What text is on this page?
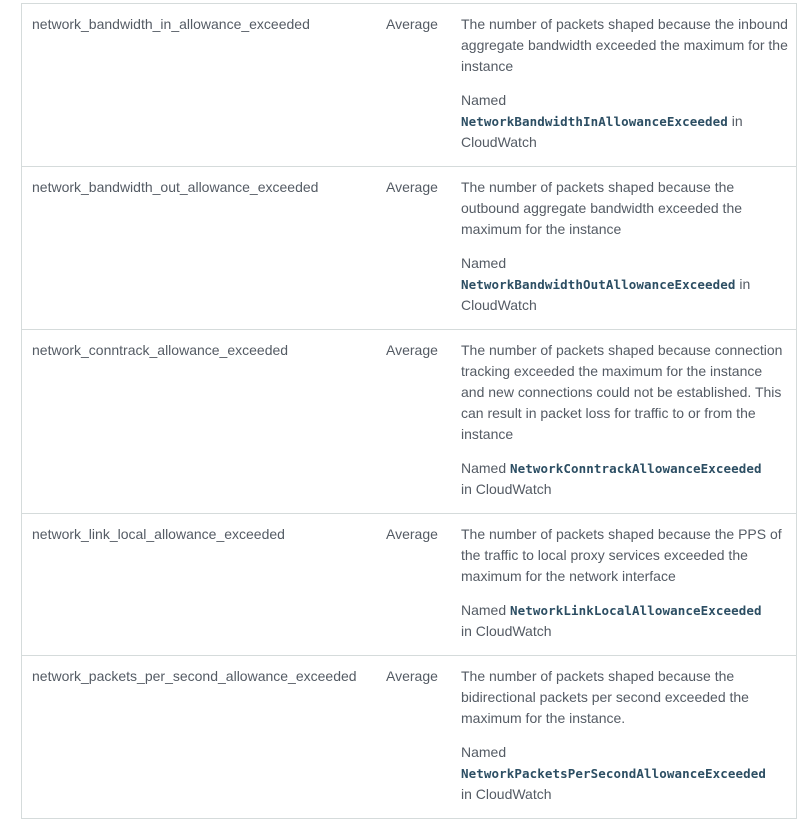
network_bandwidth_in_allowance_exceeded	Average	The number of packets shaped because the inbound aggregate bandwidth exceeded the maximum for the instance

Named
NetworkBandwidthInAllowanceExceeded in CloudWatch

network_bandwidth_out_allowance_exceeded	Average	The number of packets shaped because the outbound aggregate bandwidth exceeded the maximum for the instance

Named
NetworkBandwidthOutAllowanceExceeded in CloudWatch

network_conntrack_allowance_exceeded	Average	The number of packets shaped because connection tracking exceeded the maximum for the instance and new connections could not be established. This can result in packet loss for traffic to or from the instance

Named NetworkConntrackAllowanceExceeded
in CloudWatch

network_link_local_allowance_exceeded	Average	The number of packets shaped because the PPS of the traffic to local proxy services exceeded the maximum for the network interface

Named NetworkLinkLocalAllowanceExceeded
in CloudWatch

network_packets_per_second_allowance_exceeded	Average	The number of packets shaped because the bidirectional packets per second exceeded the maximum for the instance.

Named
NetworkPacketsPerSecondAllowanceExceeded
in CloudWatch
